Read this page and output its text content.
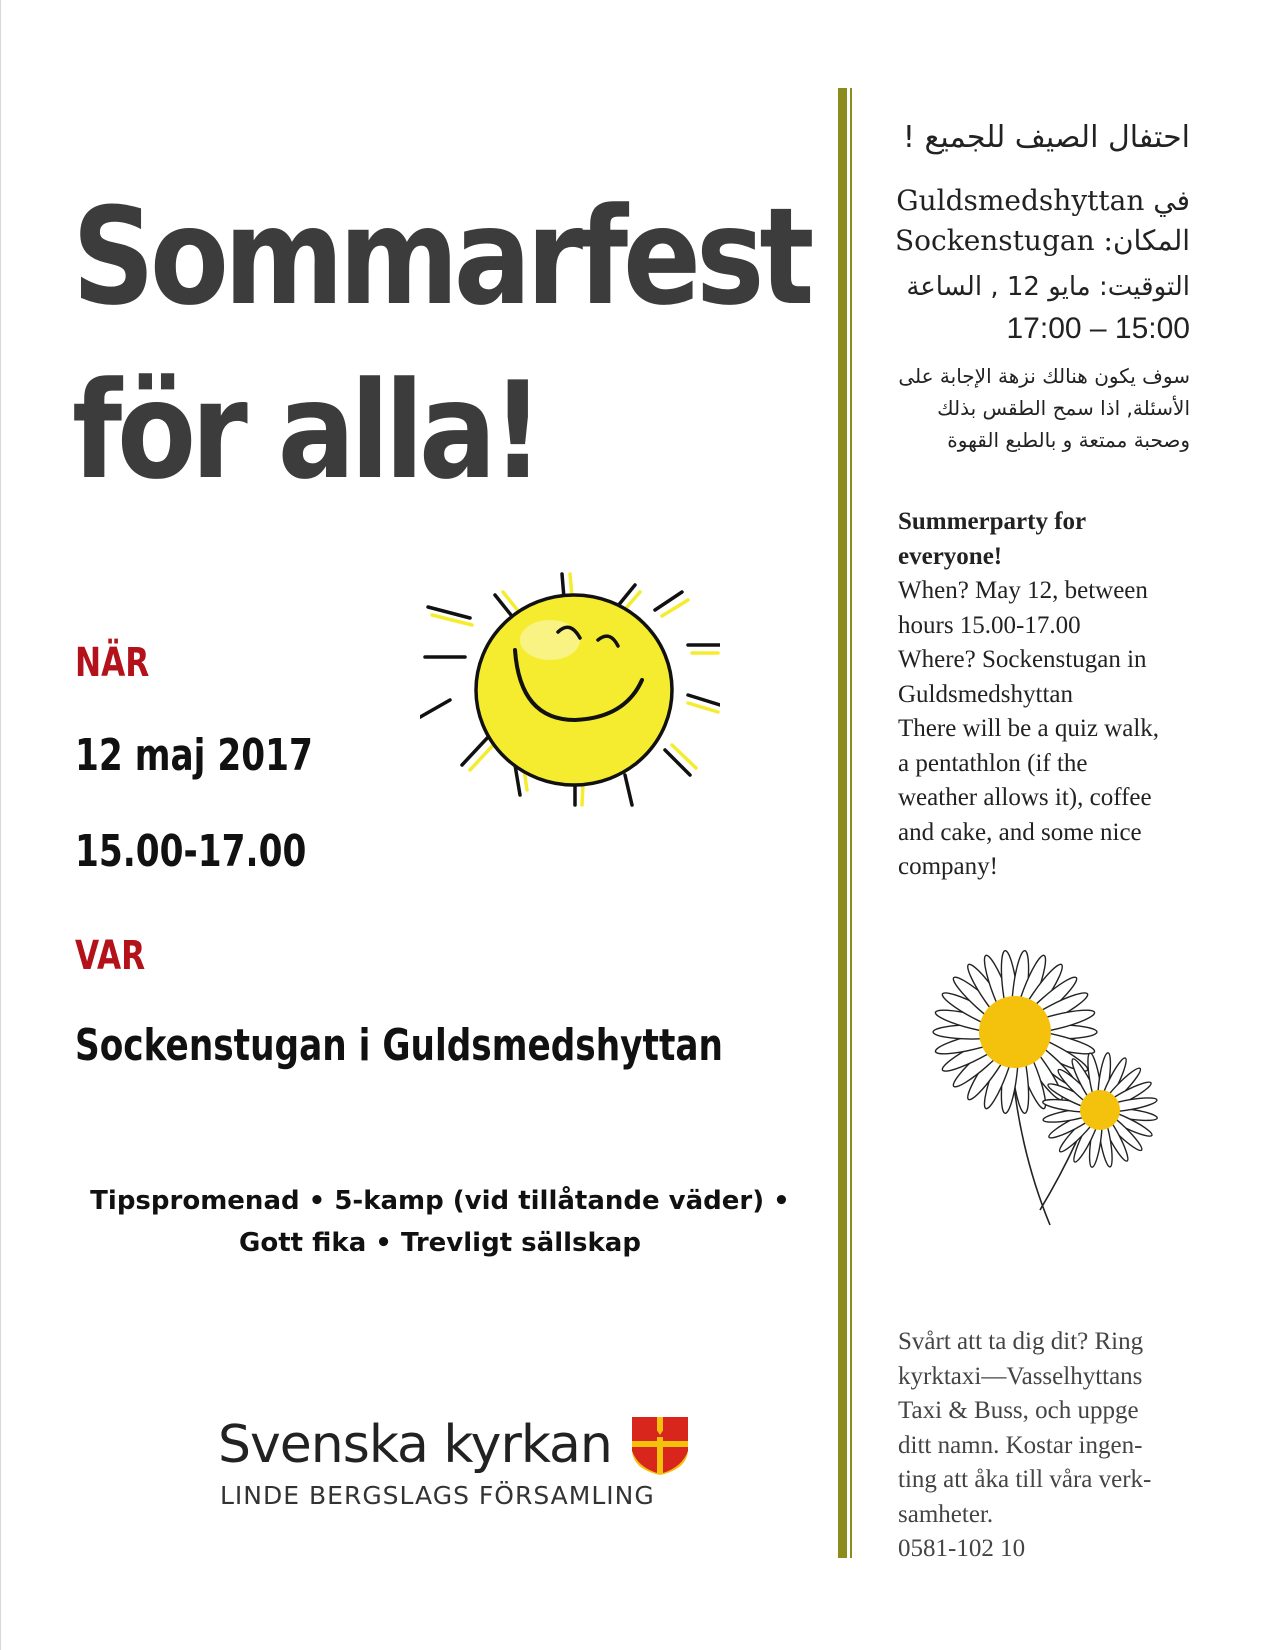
Sommarfest
för alla!
NÄR
12 maj 2017
15.00-17.00
VAR
Sockenstugan i Guldsmedshyttan
Tipspromenad • 5-kamp (vid tillåtande väder) • Gott fika • Trevligt sällskap
Svenska kyrkan
LINDE BERGSLAGS FÖRSAMLING
احتفال الصيف للجميع !
في Guldsmedshyttan
المكان: Sockenstugan
التوقيت: مايو 12 , الساعة
17:00 – 15:00
سوف يكون هنالك نزهة الإجابة على
الأسئلة, اذا سمح الطقس بذلك
وصحبة ممتعة و بالطبع القهوة
Summerparty for
everyone!
When? May 12, between
hours 15.00-17.00
Where? Sockenstugan in
Guldsmedshyttan
There will be a quiz walk,
a pentathlon (if the
weather allows it), coffee
and cake, and some nice
company!
Svårt att ta dig dit? Ring
kyrktaxi—Vasselhyttans
Taxi & Buss, och uppge
ditt namn. Kostar ingen-
ting att åka till våra verk-
samheter.
0581-102 10
